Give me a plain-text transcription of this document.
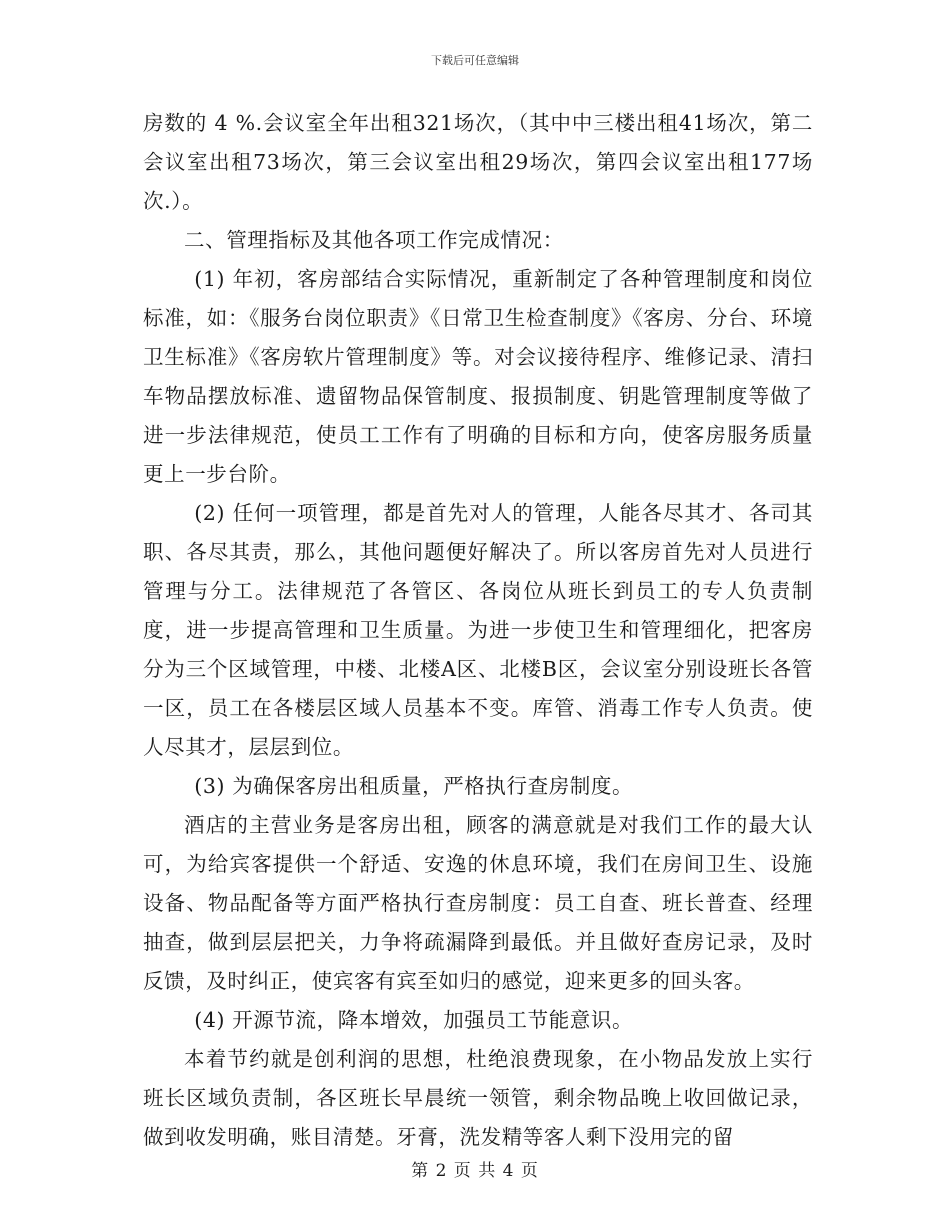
下载后可任意编辑

房数的 4 %.会议室全年出租321场次，（其中中三楼出租41场次，第二会议室出租73场次，第三会议室出租29场次，第四会议室出租177场次.）。

二、管理指标及其他各项工作完成情况：

(1) 年初，客房部结合实际情况，重新制定了各种管理制度和岗位标准，如：《服务台岗位职责》《日常卫生检查制度》《客房、分台、环境卫生标准》《客房软片管理制度》等。对会议接待程序、维修记录、清扫车物品摆放标准、遗留物品保管制度、报损制度、钥匙管理制度等做了进一步法律规范，使员工工作有了明确的目标和方向，使客房服务质量更上一步台阶。

(2) 任何一项管理，都是首先对人的管理，人能各尽其才、各司其职、各尽其责，那么，其他问题便好解决了。所以客房首先对人员进行管理与分工。法律规范了各管区、各岗位从班长到员工的专人负责制度，进一步提高管理和卫生质量。为进一步使卫生和管理细化，把客房分为三个区域管理，中楼、北楼A区、北楼B区，会议室分别设班长各管一区，员工在各楼层区域人员基本不变。库管、消毒工作专人负责。使人尽其才，层层到位。

(3) 为确保客房出租质量，严格执行查房制度。

酒店的主营业务是客房出租，顾客的满意就是对我们工作的最大认可，为给宾客提供一个舒适、安逸的休息环境，我们在房间卫生、设施设备、物品配备等方面严格执行查房制度：员工自查、班长普查、经理抽查，做到层层把关，力争将疏漏降到最低。并且做好查房记录，及时反馈，及时纠正，使宾客有宾至如归的感觉，迎来更多的回头客。

(4) 开源节流，降本增效，加强员工节能意识。

本着节约就是创利润的思想，杜绝浪费现象，在小物品发放上实行班长区域负责制，各区班长早晨统一领管，剩余物品晚上收回做记录，做到收发明确，账目清楚。牙膏，洗发精等客人剩下没用完的留

第 2 页 共 4 页
